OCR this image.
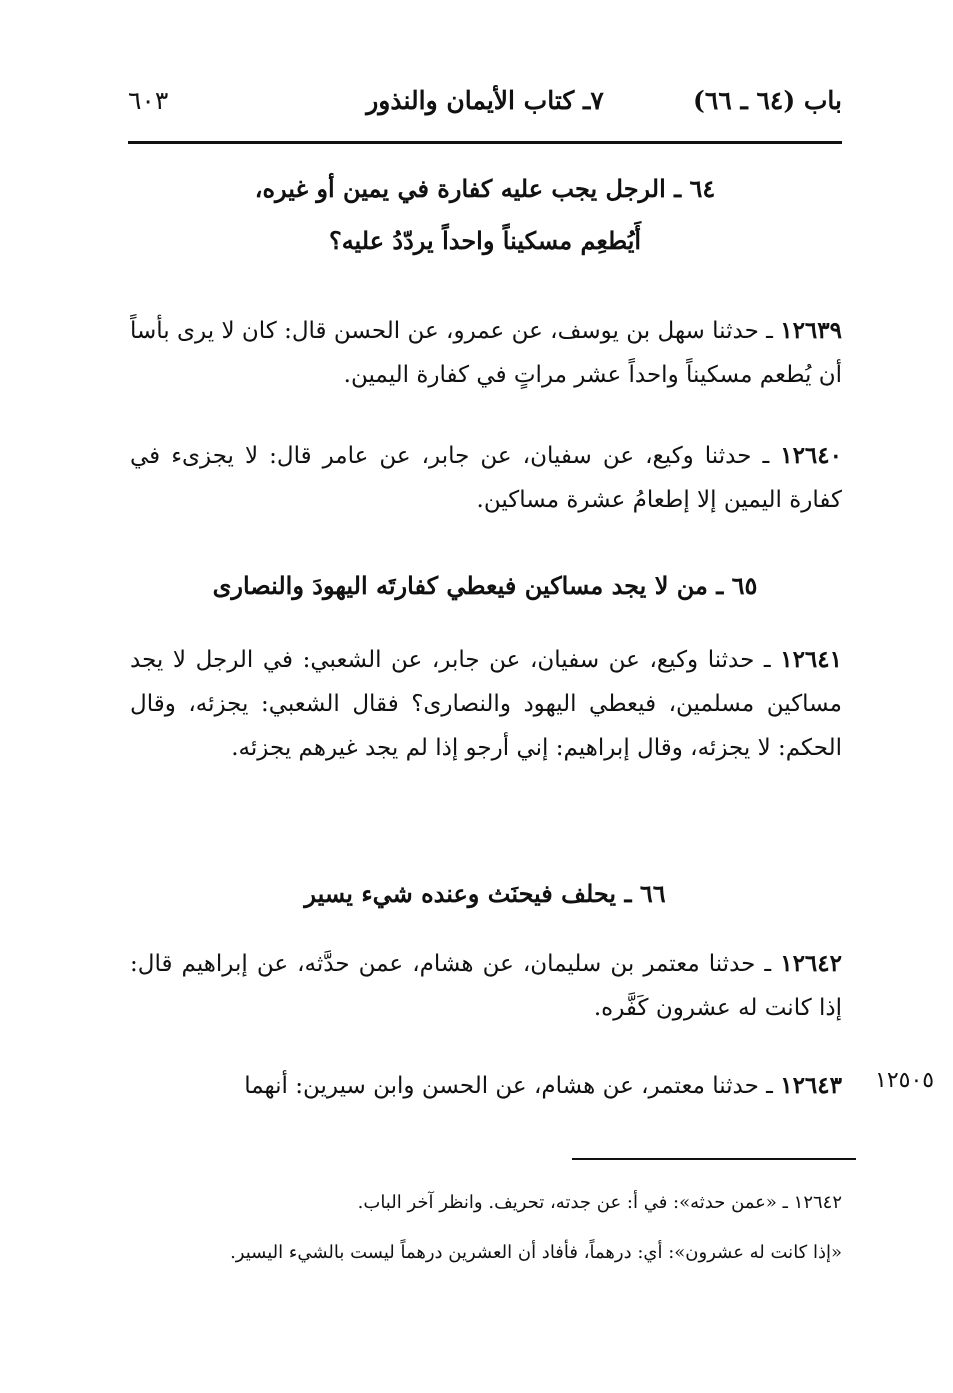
باب (٦٤ ـ ٦٦)
٧ـ كتاب الأيمان والنذور
٦٠٣
٦٤ ـ الرجل يجب عليه كفارة في يمين أو غيره،
أَيُطعِم مسكيناً واحداً يردّدُ عليه؟
١٢٦٣٩ ـ حدثنا سهل بن يوسف، عن عمرو، عن الحسن قال: كان لا يرى بأساً أن يُطعم مسكيناً واحداً عشر مراتٍ في كفارة اليمين.
١٢٦٤٠ ـ حدثنا وكيع، عن سفيان، عن جابر، عن عامر قال: لا يجزىء في كفارة اليمين إلا إطعامُ عشرة مساكين.
٦٥ ـ من لا يجد مساكين فيعطي كفارتَه اليهودَ والنصارى
١٢٦٤١ ـ حدثنا وكيع، عن سفيان، عن جابر، عن الشعبي: في الرجل لا يجد مساكين مسلمين، فيعطي اليهود والنصارى؟ فقال الشعبي: يجزئه، وقال الحكم: لا يجزئه، وقال إبراهيم: إني أرجو إذا لم يجد غيرهم يجزئه.
٦٦ ـ يحلف فيحنَث وعنده شيء يسير
١٢٦٤٢ ـ حدثنا معتمر بن سليمان، عن هشام، عمن حدَّثه، عن إبراهيم قال: إذا كانت له عشرون كَفَّره.
١٢٦٤٣ ـ حدثنا معتمر، عن هشام، عن الحسن وابن سيرين: أنهما	١٢٥٠٥
١٢٦٤٢ ـ «عمن حدثه»: في أ: عن جدته، تحريف. وانظر آخر الباب.
«إذا كانت له عشرون»: أي: درهماً، فأفاد أن العشرين درهماً ليست بالشيء اليسير.
